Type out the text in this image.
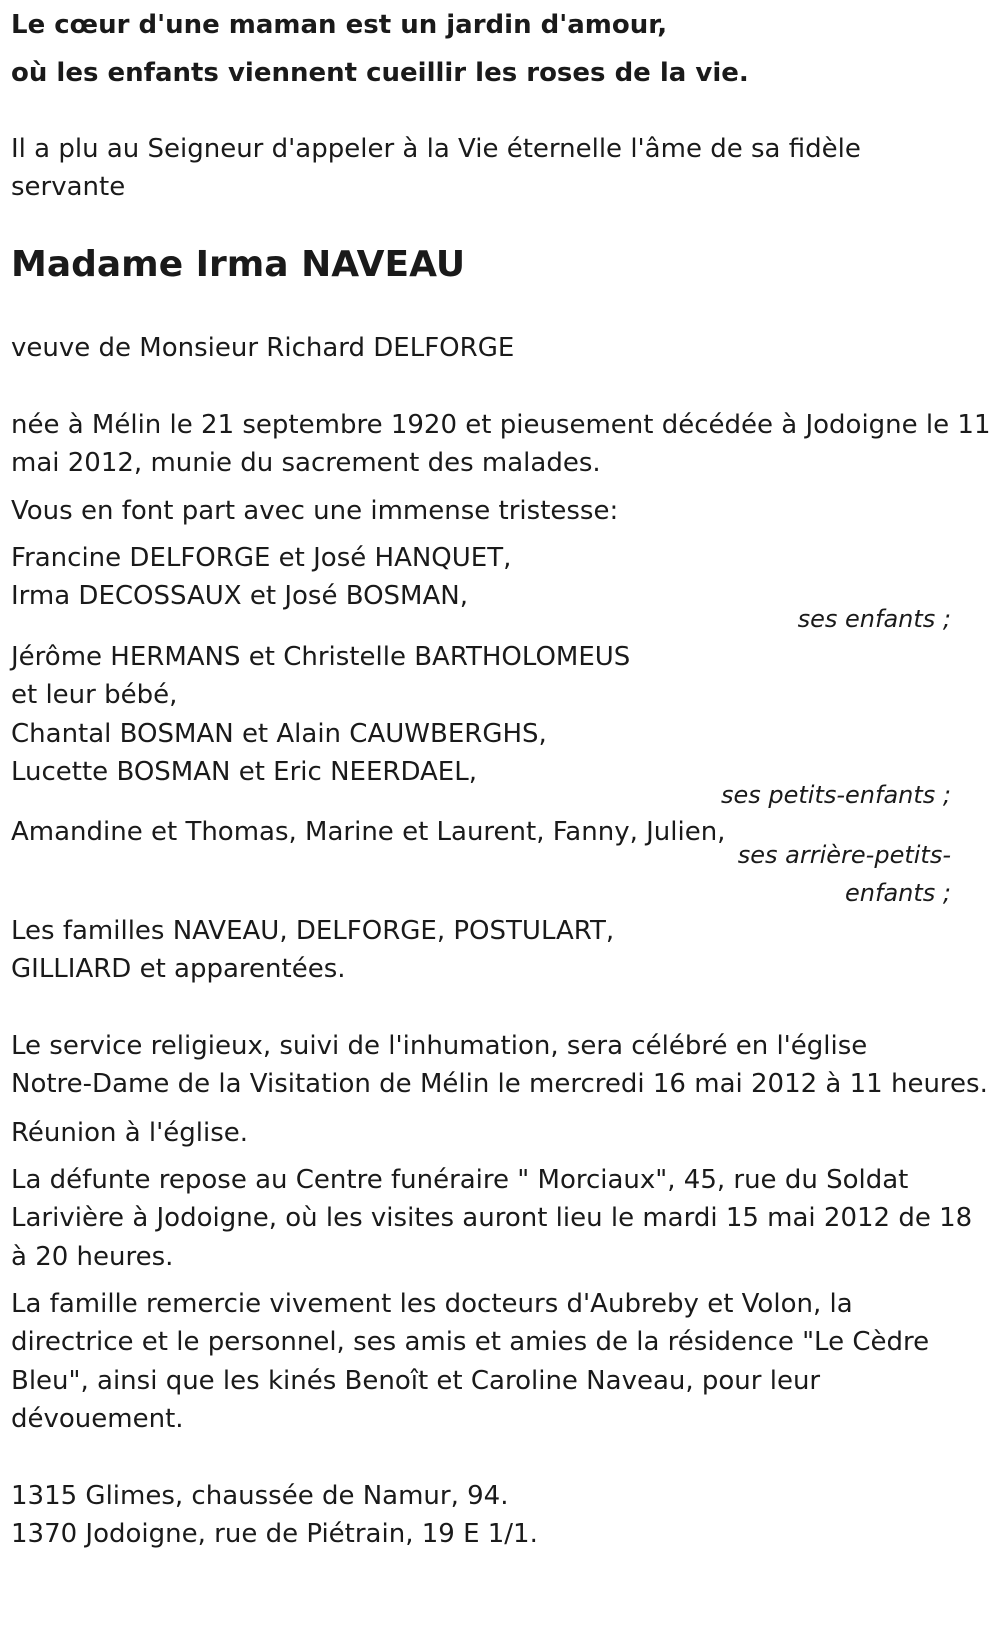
Le cœur d'une maman est un jardin d'amour,
où les enfants viennent cueillir les roses de la vie.
Il a plu au Seigneur d'appeler à la Vie éternelle l'âme de sa fidèle
servante
Madame Irma NAVEAU
veuve de Monsieur Richard DELFORGE
née à Mélin le 21 septembre 1920 et pieusement décédée à Jodoigne le 11
mai 2012, munie du sacrement des malades.
Vous en font part avec une immense tristesse:
Francine DELFORGE et José HANQUET,
Irma DECOSSAUX et José BOSMAN,
ses enfants ;
Jérôme HERMANS et Christelle BARTHOLOMEUS
et leur bébé,
Chantal BOSMAN et Alain CAUWBERGHS,
Lucette BOSMAN et Eric NEERDAEL,
ses petits-enfants ;
Amandine et Thomas, Marine et Laurent, Fanny, Julien,
ses arrière-petits-
enfants ;
Les familles NAVEAU, DELFORGE, POSTULART,
GILLIARD et apparentées.
Le service religieux, suivi de l'inhumation, sera célébré en l'église
Notre-Dame de la Visitation de Mélin le mercredi 16 mai 2012 à 11 heures.
Réunion à l'église.
La défunte repose au Centre funéraire " Morciaux", 45, rue du Soldat
Larivière à Jodoigne, où les visites auront lieu le mardi 15 mai 2012 de 18
à 20 heures.
La famille remercie vivement les docteurs d'Aubreby et Volon, la
directrice et le personnel, ses amis et amies de la résidence "Le Cèdre
Bleu", ainsi que les kinés Benoît et Caroline Naveau, pour leur
dévouement.
1315 Glimes, chaussée de Namur, 94.
1370 Jodoigne, rue de Piétrain, 19 E 1/1.
